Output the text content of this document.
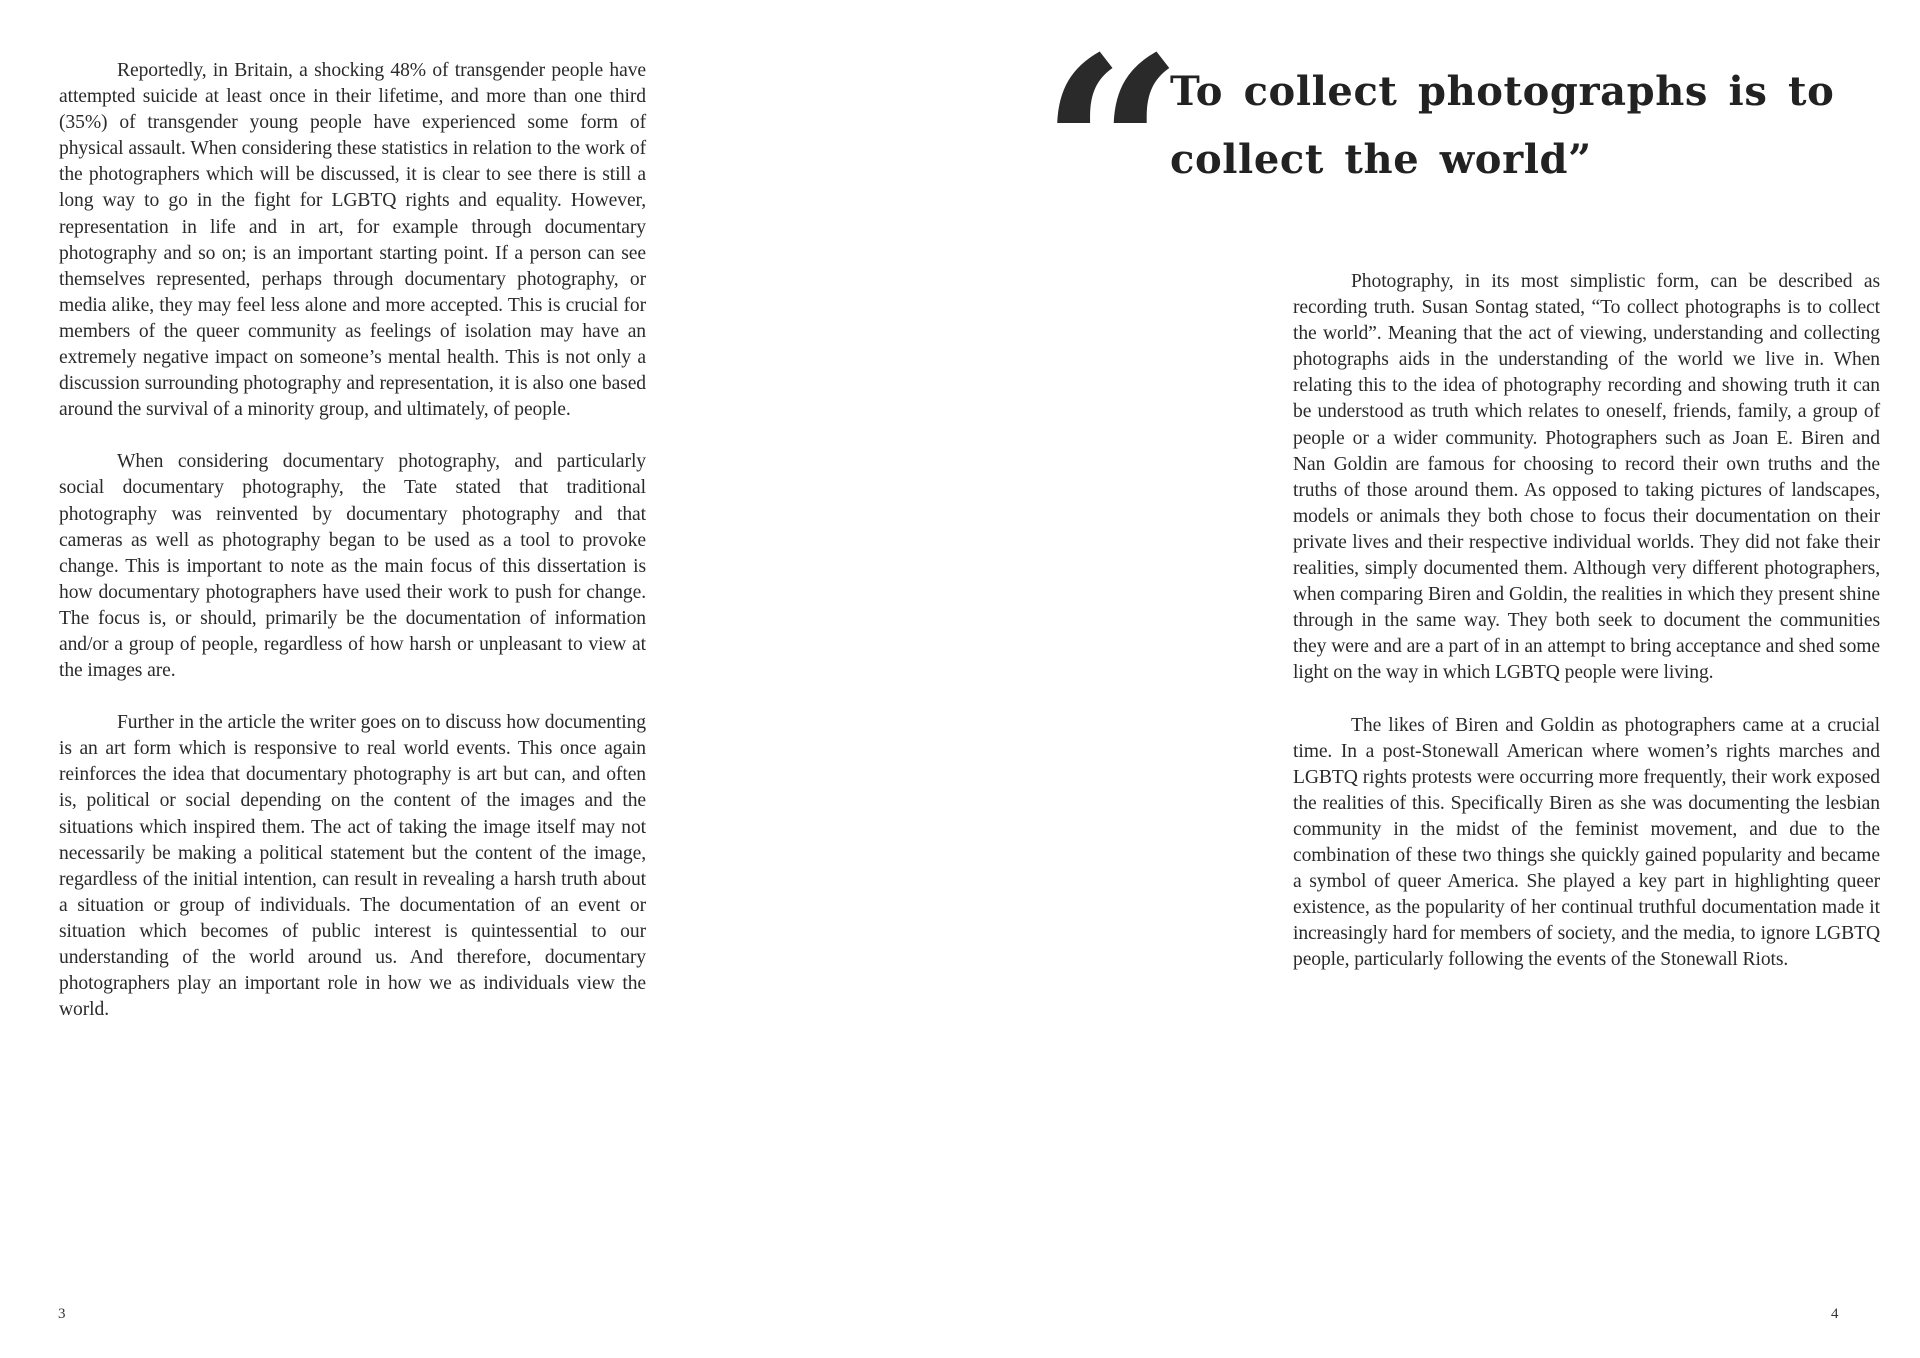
Reportedly, in Britain, a shocking 48% of transgender people have attempted suicide at least once in their lifetime, and more than one third (35%) of transgender young people have experienced some form of physical assault. When considering these statistics in relation to the work of the photographers which will be discussed, it is clear to see there is still a long way to go in the fight for LGBTQ rights and equality. However, representation in life and in art, for example through documentary photography and so on; is an important starting point. If a person can see themselves represented, perhaps through documentary photography, or media alike, they may feel less alone and more accepted. This is crucial for members of the queer community as feelings of isolation may have an extremely negative impact on someone’s mental health. This is not only a discussion surrounding photography and representation, it is also one based around the survival of a minority group, and ultimately, of people.

When considering documentary photography, and particularly social documentary photography, the Tate stated that traditional photography was reinvented by documentary photography and that cameras as well as photography began to be used as a tool to provoke change. This is important to note as the main focus of this dissertation is how documentary photographers have used their work to push for change. The focus is, or should, primarily be the documentation of information and/or a group of people, regardless of how harsh or unpleasant to view at the images are.

Further in the article the writer goes on to discuss how documenting is an art form which is responsive to real world events. This once again reinforces the idea that documentary photography is art but can, and often is, political or social depending on the content of the images and the situations which inspired them. The act of taking the image itself may not necessarily be making a political statement but the content of the image, regardless of the initial intention, can result in revealing a harsh truth about a situation or group of individuals. The documentation of an event or situation which becomes of public interest is quintessential to our understanding of the world around us. And therefore, documentary photographers play an important role in how we as individuals view the world.

3
“
To collect photographs is to collect the world”

Photography, in its most simplistic form, can be described as recording truth. Susan Sontag stated, “To collect photographs is to collect the world”. Meaning that the act of viewing, understanding and collecting photographs aids in the understanding of the world we live in. When relating this to the idea of photography recording and showing truth it can be understood as truth which relates to oneself, friends, family, a group of people or a wider community. Photographers such as Joan E. Biren and Nan Goldin are famous for choosing to record their own truths and the truths of those around them. As opposed to taking pictures of landscapes, models or animals they both chose to focus their documentation on their private lives and their respective individual worlds. They did not fake their realities, simply documented them. Although very different photographers, when comparing Biren and Goldin, the realities in which they present shine through in the same way. They both seek to document the communities they were and are a part of in an attempt to bring acceptance and shed some light on the way in which LGBTQ people were living.

The likes of Biren and Goldin as photographers came at a crucial time. In a post-Stonewall American where women’s rights marches and LGBTQ rights protests were occurring more frequently, their work exposed the realities of this. Specifically Biren as she was documenting the lesbian community in the midst of the feminist movement, and due to the combination of these two things she quickly gained popularity and became a symbol of queer America. She played a key part in highlighting queer existence, as the popularity of her continual truthful documentation made it increasingly hard for members of society, and the media, to ignore LGBTQ people, particularly following the events of the Stonewall Riots.

4
